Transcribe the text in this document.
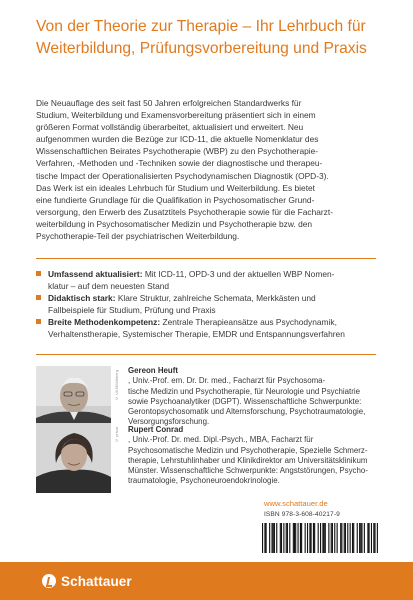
Von der Theorie zur Therapie – Ihr Lehrbuch für
Weiterbildung, Prüfungsvorbereitung und Praxis
Die Neuauflage des seit fast 50 Jahren erfolgreichen Standardwerks für
Studium, Weiterbildung und Examensvorbereitung präsentiert sich in einem
größeren Format vollständig überarbeitet, aktualisiert und erweitert. Neu
aufgenommen wurden die Bezüge zur ICD-11, die aktuelle Nomenklatur des
Wissenschaftlichen Beirates Psychotherapie (WBP) zu den Psychotherapie-
Verfahren, -Methoden und -Techniken sowie der diagnostische und therapeu-
tische Impact der Operationalisierten Psychodynamischen Diagnostik (OPD-3).
Das Werk ist ein ideales Lehrbuch für Studium und Weiterbildung. Es bietet
eine fundierte Grundlage für die Qualifikation in Psychosomatischer Grund-
versorgung, den Erwerb des Zusatztitels Psychotherapie sowie für die Facharzt-
weiterbildung in Psychosomatischer Medizin und Psychotherapie bzw. den
Psychotherapie-Teil der psychiatrischen Weiterbildung.
Umfassend aktualisiert: Mit ICD-11, OPD-3 und der aktuellen WBP Nomen-
klatur – auf dem neuesten Stand
Didaktisch stark: Klare Struktur, zahlreiche Schemata, Merkkästen und
Fallbeispiele für Studium, Prüfung und Praxis
Breite Methodenkompetenz: Zentrale Therapieansätze aus Psychodynamik,
Verhaltenstherapie, Systemischer Therapie, EMDR und Entspannungsverfahren
© UKM/Wibberg Gereon Heuft
, Univ.-Prof. em. Dr. Dr. med., Facharzt für Psychosoma-
tische Medizin und Psychotherapie, für Neurologie und Psychiatrie
sowie Psychoanalytiker (DGPT). Wissenschaftliche Schwerpunkte:
Gerontopsychosomatik und Alternsforschung, Psychotraumatologie,
Versorgungsforschung.
© privat Rupert Conrad
, Univ.-Prof. Dr. med. Dipl.-Psych., MBA, Facharzt für
Psychosomatische Medizin und Psychotherapie, Spezielle Schmerz-
therapie, Lehrstuhlinhaber und Klinikdirektor am Universitätsklinikum
Münster. Wissenschaftliche Schwerpunkte: Angststörungen, Psycho-
traumatologie, Psychoneuroendokrinologie.
www.schattauer.de
ISBN 978-3-608-40217-9
Schattauer
